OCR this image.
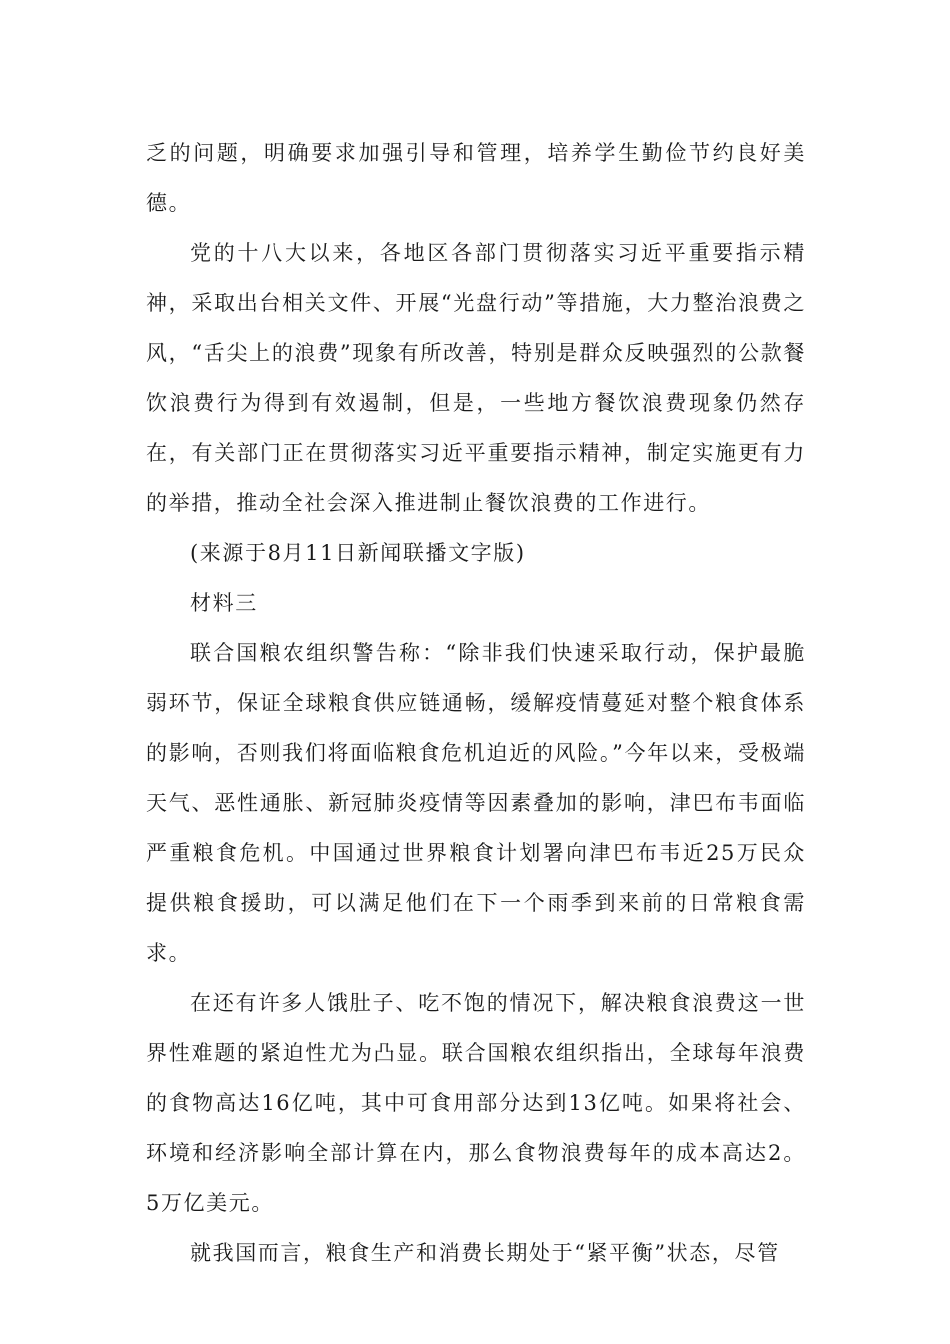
乏的问题，明确要求加强引导和管理，培养学生勤俭节约良好美德。

党的十八大以来，各地区各部门贯彻落实习近平重要指示精神，采取出台相关文件、开展“光盘行动”等措施，大力整治浪费之风，“舌尖上的浪费”现象有所改善，特别是群众反映强烈的公款餐饮浪费行为得到有效遏制，但是，一些地方餐饮浪费现象仍然存在，有关部门正在贯彻落实习近平重要指示精神，制定实施更有力的举措，推动全社会深入推进制止餐饮浪费的工作进行。

(来源于8月11日新闻联播文字版)

材料三

联合国粮农组织警告称：“除非我们快速采取行动，保护最脆弱环节，保证全球粮食供应链通畅，缓解疫情蔓延对整个粮食体系的影响，否则我们将面临粮食危机迫近的风险。”今年以来，受极端天气、恶性通胀、新冠肺炎疫情等因素叠加的影响，津巴布韦面临严重粮食危机。中国通过世界粮食计划署向津巴布韦近25万民众提供粮食援助，可以满足他们在下一个雨季到来前的日常粮食需求。

在还有许多人饿肚子、吃不饱的情况下，解决粮食浪费这一世界性难题的紧迫性尤为凸显。联合国粮农组织指出，全球每年浪费的食物高达16亿吨，其中可食用部分达到13亿吨。如果将社会、环境和经济影响全部计算在内，那么食物浪费每年的成本高达2。5万亿美元。

就我国而言，粮食生产和消费长期处于“紧平衡”状态，尽管
